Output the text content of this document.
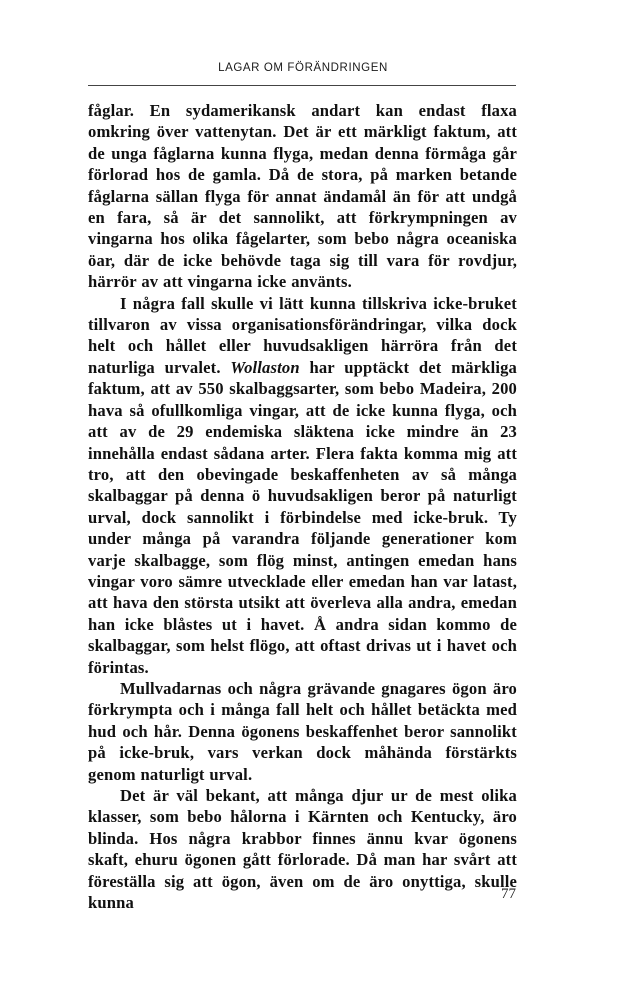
LAGAR OM FÖRÄNDRINGEN

fåglar. En sydamerikansk andart kan endast flaxa omkring över vattenytan. Det är ett märkligt faktum, att de unga fåglarna kunna flyga, medan denna förmåga går förlorad hos de gamla. Då de stora, på marken betande fåglarna sällan flyga för annat ändamål än för att undgå en fara, så är det sannolikt, att förkrympningen av vingarna hos olika fågelarter, som bebo några oceaniska öar, där de icke behövde taga sig till vara för rovdjur, härrör av att vingarna icke använts.

I några fall skulle vi lätt kunna tillskriva icke-bruket tillvaron av vissa organisationsförändringar, vilka dock helt och hållet eller huvudsakligen härröra från det naturliga urvalet. Wollaston har upptäckt det märkliga faktum, att av 550 skalbaggsarter, som bebo Madeira, 200 hava så ofullkomliga vingar, att de icke kunna flyga, och att av de 29 endemiska släktena icke mindre än 23 innehålla endast sådana arter. Flera fakta komma mig att tro, att den obevingade beskaffenheten av så många skalbaggar på denna ö huvudsakligen beror på naturligt urval, dock sannolikt i förbindelse med icke-bruk. Ty under många på varandra följande generationer kom varje skalbagge, som flög minst, antingen emedan hans vingar voro sämre utvecklade eller emedan han var latast, att hava den största utsikt att överleva alla andra, emedan han icke blåstes ut i havet. Å andra sidan kommo de skalbaggar, som helst flögo, att oftast drivas ut i havet och förintas.

Mullvadarnas och några grävande gnagares ögon äro förkrympta och i många fall helt och hållet betäckta med hud och hår. Denna ögonens beskaffenhet beror sannolikt på icke-bruk, vars verkan dock måhända förstärkts genom naturligt urval.

Det är väl bekant, att många djur ur de mest olika klasser, som bebo hålorna i Kärnten och Kentucky, äro blinda. Hos några krabbor finnes ännu kvar ögonens skaft, ehuru ögonen gått förlorade. Då man har svårt att föreställa sig att ögon, även om de äro onyttiga, skulle kunna	77
